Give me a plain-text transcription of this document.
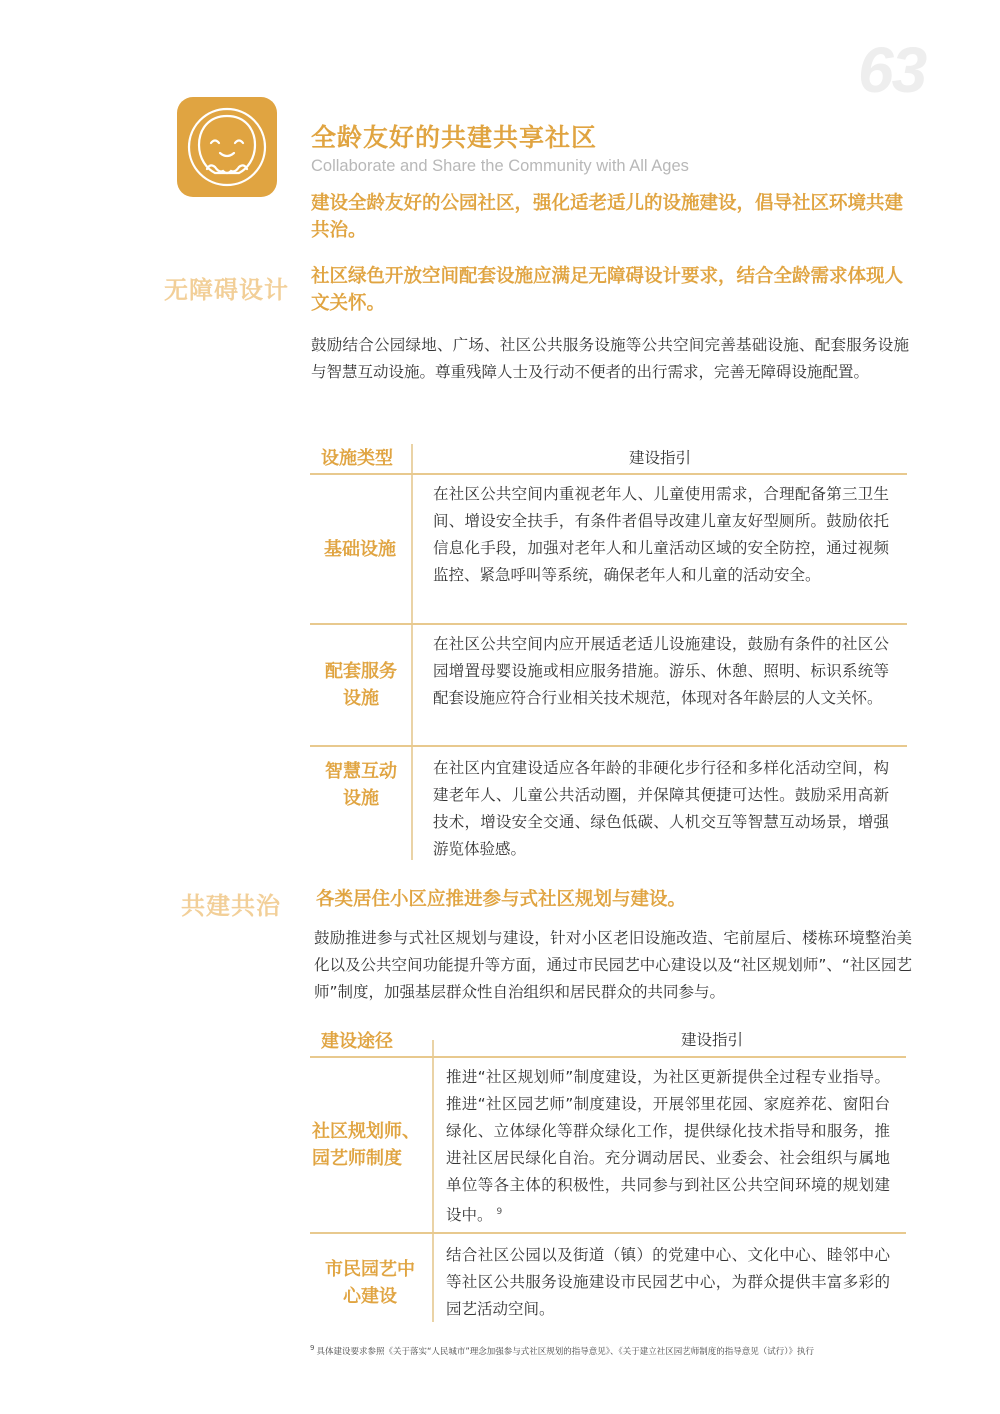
63
全龄友好的共建共享社区
Collaborate and Share the Community with All Ages
建设全龄友好的公园社区，强化适老适儿的设施建设，倡导社区环境共建共治。
无障碍设计 社区绿色开放空间配套设施应满足无障碍设计要求，结合全龄需求体现人文关怀。
鼓励结合公园绿地、广场、社区公共服务设施等公共空间完善基础设施、配套服务设施与智慧互动设施。尊重残障人士及行动不便者的出行需求，完善无障碍设施配置。
设施类型	建设指引
基础设施
在社区公共空间内重视老年人、儿童使用需求，合理配备第三卫生间、增设安全扶手，有条件者倡导改建儿童友好型厕所。鼓励依托信息化手段，加强对老年人和儿童活动区域的安全防控，通过视频监控、紧急呼叫等系统，确保老年人和儿童的活动安全。
配套服务设施
在社区公共空间内应开展适老适儿设施建设，鼓励有条件的社区公园增置母婴设施或相应服务措施。游乐、休憩、照明、标识系统等配套设施应符合行业相关技术规范，体现对各年龄层的人文关怀。
智慧互动设施
在社区内宜建设适应各年龄的非硬化步行径和多样化活动空间，构建老年人、儿童公共活动圈，并保障其便捷可达性。鼓励采用高新技术，增设安全交通、绿色低碳、人机交互等智慧互动场景，增强游览体验感。
共建共治 各类居住小区应推进参与式社区规划与建设。
鼓励推进参与式社区规划与建设，针对小区老旧设施改造、宅前屋后、楼栋环境整治美化以及公共空间功能提升等方面，通过市民园艺中心建设以及“社区规划师”、“社区园艺师”制度，加强基层群众性自治组织和居民群众的共同参与。
建设途径	建设指引
社区规划师、园艺师制度
推进“社区规划师”制度建设，为社区更新提供全过程专业指导。推进“社区园艺师”制度建设，开展邻里花园、家庭养花、窗阳台绿化、立体绿化等群众绿化工作，提供绿化技术指导和服务，推进社区居民绿化自治。充分调动居民、业委会、社会组织与属地单位等各主体的积极性，共同参与到社区公共空间环境的规划建设中。 $^9$
市民园艺中心建设
结合社区公园以及街道（镇）的党建中心、文化中心、睦邻中心等社区公共服务设施建设市民园艺中心，为群众提供丰富多彩的园艺活动空间。
$^9$ 具体建设要求参照《关于落实“人民城市”理念加强参与式社区规划的指导意见》、《关于建立社区园艺师制度的指导意见（试行）》执行
